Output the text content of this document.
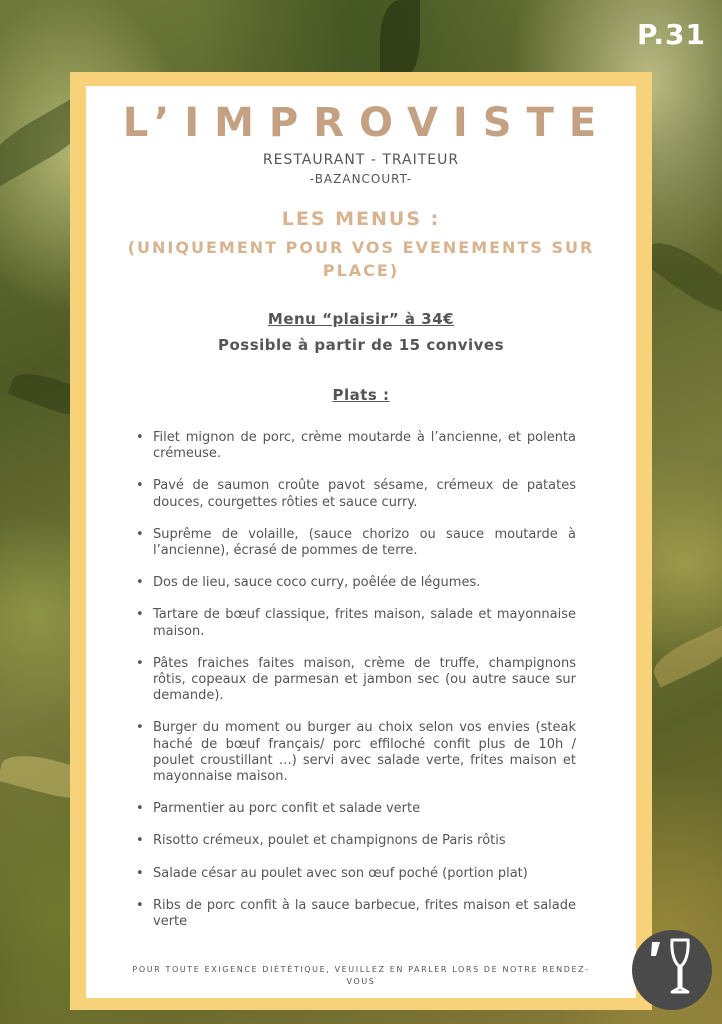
P.31
L’IMPROVISTE
RESTAURANT - TRAITEUR
-BAZANCOURT-
LES MENUS :
(UNIQUEMENT POUR VOS EVENEMENTS SUR PLACE)
Menu “plaisir” à 34€
Possible à partir de 15 convives
Plats :
• Filet mignon de porc, crème moutarde à l’ancienne, et polenta crémeuse.
• Pavé de saumon croûte pavot sésame, crémeux de patates douces, courgettes rôties et sauce curry.
• Suprême de volaille, (sauce chorizo ou sauce moutarde à l’ancienne), écrasé de pommes de terre.
• Dos de lieu, sauce coco curry, poêlée de légumes.
• Tartare de bœuf classique, frites maison, salade et mayonnaise maison.
• Pâtes fraiches faites maison, crème de truffe, champignons rôtis, copeaux de parmesan et jambon sec (ou autre sauce sur demande).
• Burger du moment ou burger au choix selon vos envies (steak haché de bœuf français/ porc effiloché confit plus de 10h / poulet croustillant …) servi avec salade verte, frites maison et mayonnaise maison.
• Parmentier au porc confit et salade verte
• Risotto crémeux, poulet et champignons de Paris rôtis
• Salade césar au poulet avec son œuf poché (portion plat)
• Ribs de porc confit à la sauce barbecue, frites maison et salade verte
POUR TOUTE EXIGENCE DIÉTÉTIQUE, VEUILLEZ EN PARLER LORS DE NOTRE RENDEZ-VOUS
